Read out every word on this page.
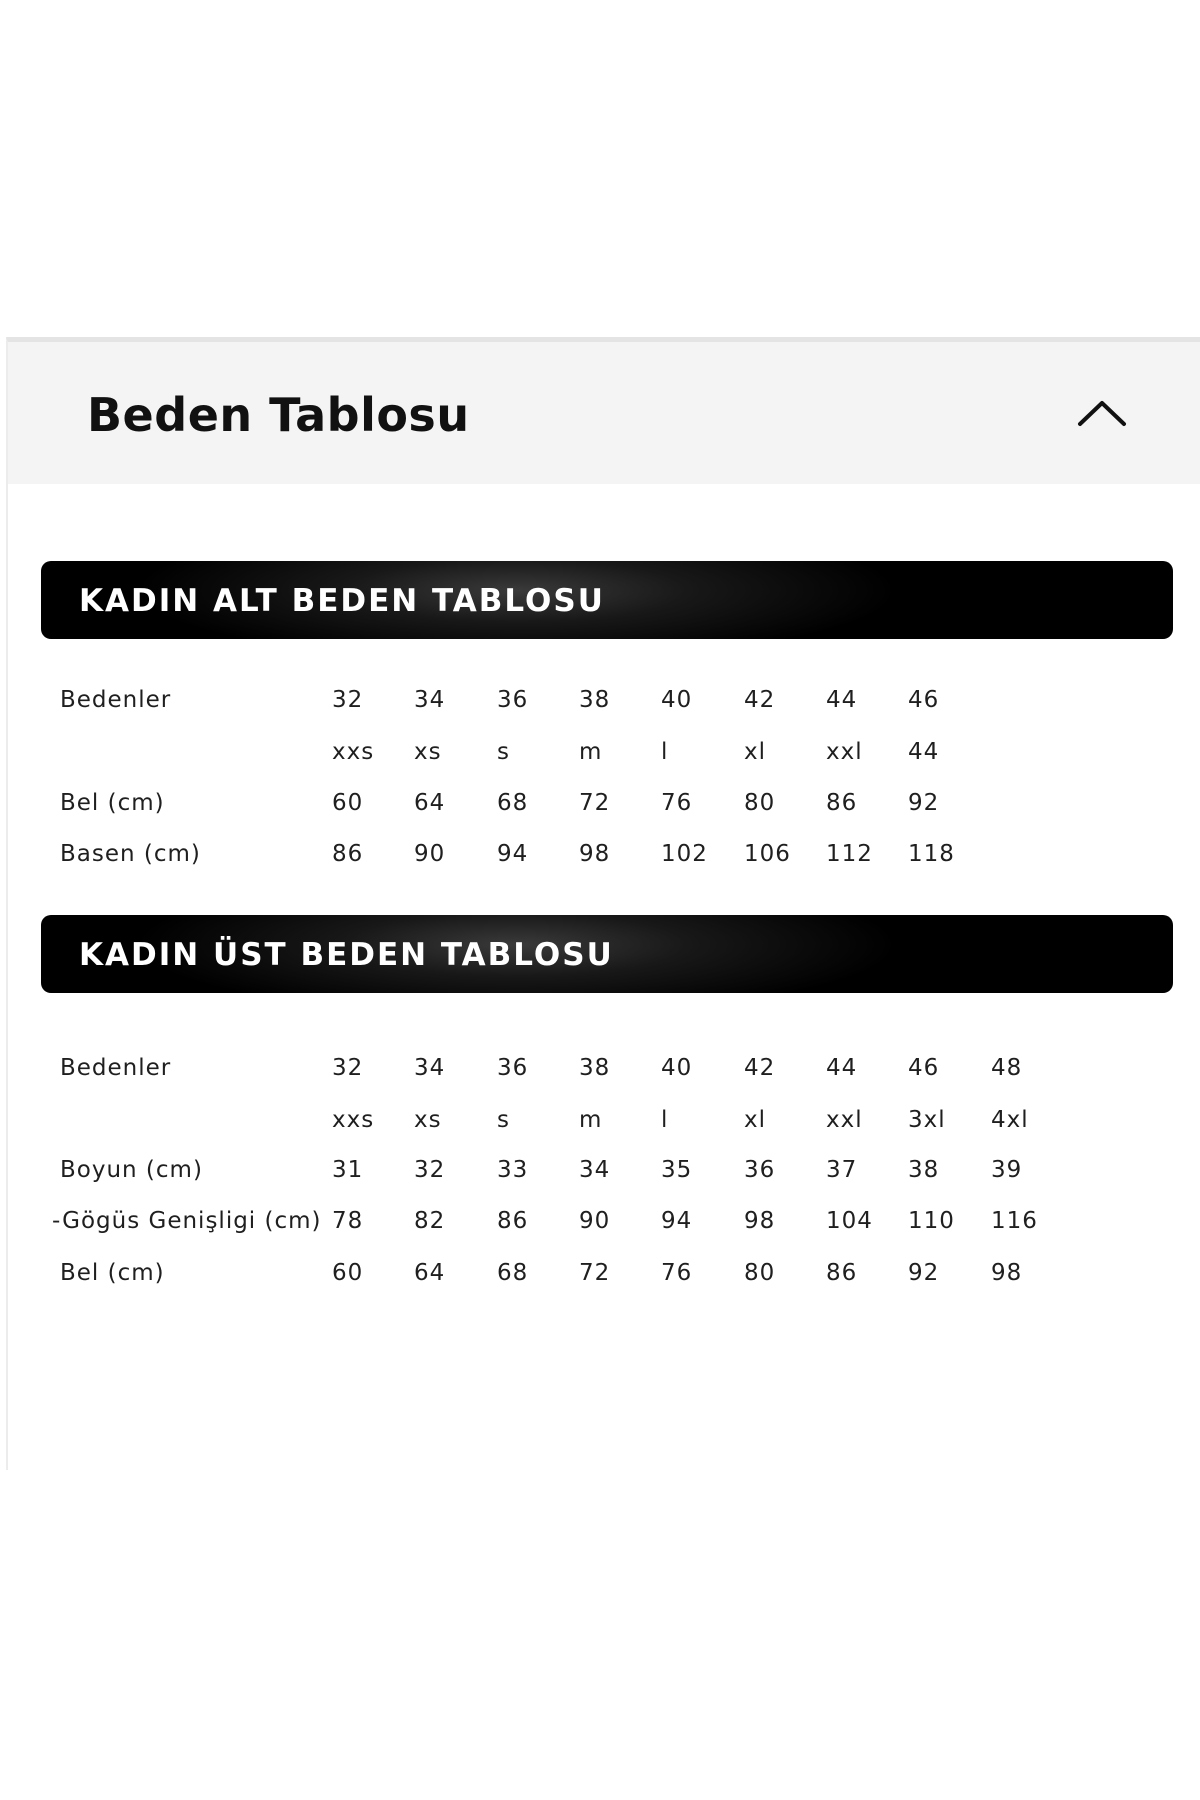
Beden Tablosu
KADIN ALT BEDEN TABLOSU
Bedenler	32 34 36 38 40 42 44 46
xxs xs s	m	l	xl	xxl 44
Bel (cm)	60 64 68 72 76 80 86 92
Basen (cm)	86 90 94 98 102 106 112 118
KADIN ÜST BEDEN TABLOSU
Bedenler	32 34 36 38 40 42 44 46 48
xxs xs s	m	l	xl	xxl 3xl 4xl
Boyun (cm)	31 32 33 34 35 36 37 38 39
-Gögüs Genişligi (cm) 78 82 86 90 94 98 104 110 116
Bel (cm)	60 64 68 72 76 80 86 92 98
